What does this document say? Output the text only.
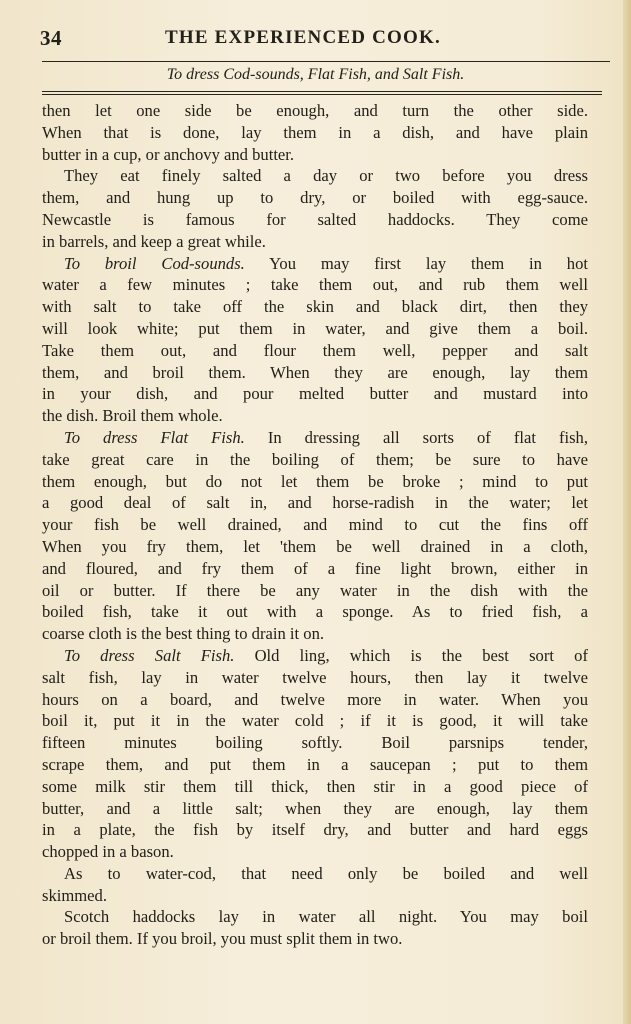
34	THE EXPERIENCED COOK.
To dress Cod-sounds, Flat Fish, and Salt Fish.
then let one side be enough, and turn the other side.
When that is done, lay them in a dish, and have plain
butter in a cup, or anchovy and butter.
They eat finely salted a day or two before you dress
them, and hung up to dry, or boiled with egg-sauce.
Newcastle is famous for salted haddocks. They come
in barrels, and keep a great while.
To broil Cod-sounds. You may first lay them in hot
water a few minutes ; take them out, and rub them well
with salt to take off the skin and black dirt, then they
will look white; put them in water, and give them a boil.
Take them out, and flour them well, pepper and salt
them, and broil them. When they are enough, lay them
in your dish, and pour melted butter and mustard into
the dish. Broil them whole.
To dress Flat Fish. In dressing all sorts of flat fish,
take great care in the boiling of them; be sure to have
them enough, but do not let them be broke ; mind to put
a good deal of salt in, and horse-radish in the water; let
your fish be well drained, and mind to cut the fins off
When you fry them, let 'them be well drained in a cloth,
and floured, and fry them of a fine light brown, either in
oil or butter. If there be any water in the dish with the
boiled fish, take it out with a sponge. As to fried fish, a
coarse cloth is the best thing to drain it on.
To dress Salt Fish. Old ling, which is the best sort of
salt fish, lay in water twelve hours, then lay it twelve
hours on a board, and twelve more in water. When you
boil it, put it in the water cold ; if it is good, it will take
fifteen minutes boiling softly. Boil parsnips tender,
scrape them, and put them in a saucepan ; put to them
some milk stir them till thick, then stir in a good piece of
butter, and a little salt; when they are enough, lay them
in a plate, the fish by itself dry, and butter and hard eggs
chopped in a bason.
As to water-cod, that need only be boiled and well
skimmed.
Scotch haddocks lay in water all night. You may boil
or broil them. If you broil, you must split them in two.
